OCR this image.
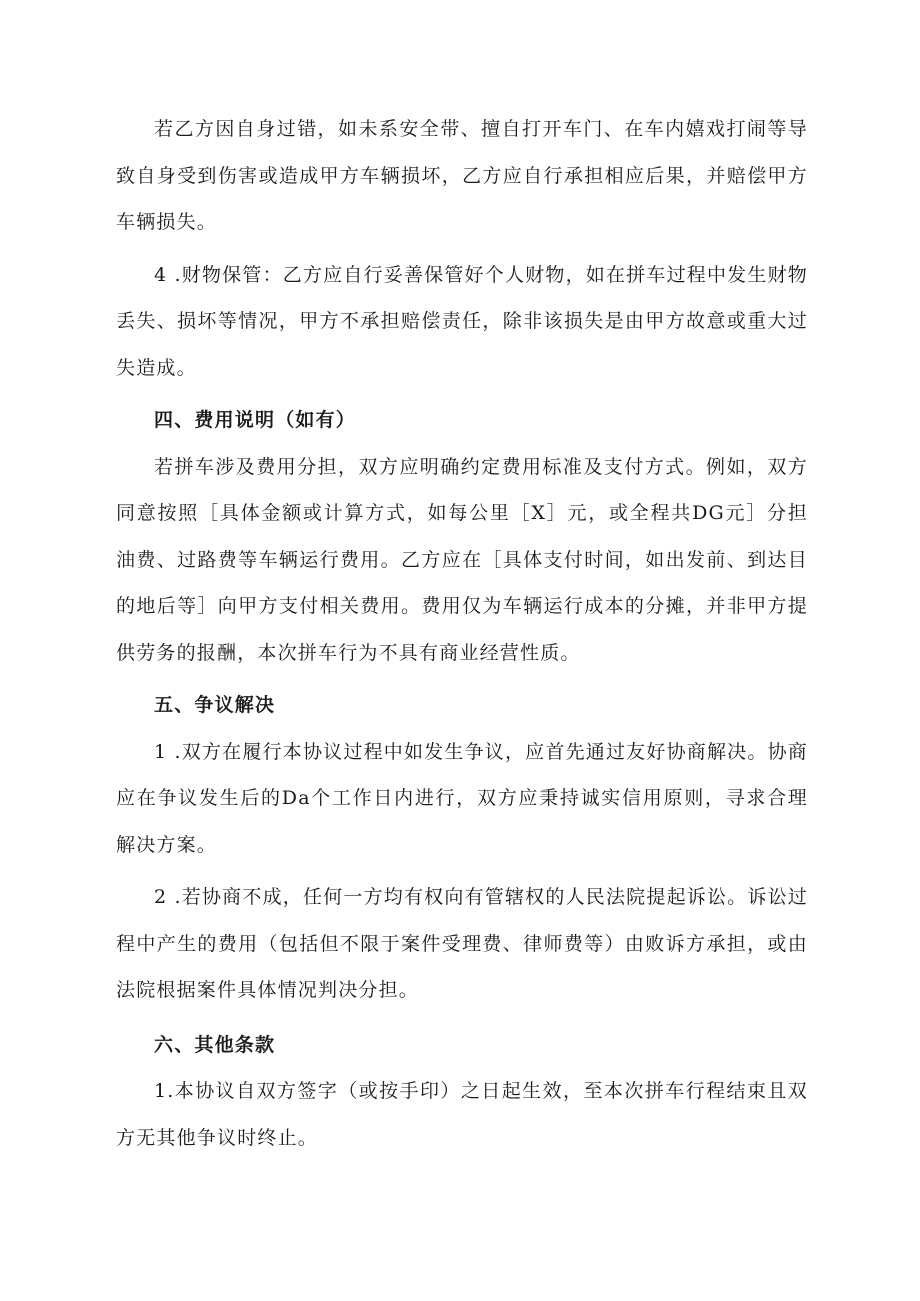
若乙方因自身过错，如未系安全带、擅自打开车门、在车内嬉戏打闹等导致自身受到伤害或造成甲方车辆损坏，乙方应自行承担相应后果，并赔偿甲方车辆损失。

4 .财物保管：乙方应自行妥善保管好个人财物，如在拼车过程中发生财物丢失、损坏等情况，甲方不承担赔偿责任，除非该损失是由甲方故意或重大过失造成。

四、费用说明（如有）

若拼车涉及费用分担，双方应明确约定费用标准及支付方式。例如，双方同意按照［具体金额或计算方式，如每公里［X］元，或全程共DG元］分担油费、过路费等车辆运行费用。乙方应在［具体支付时间，如出发前、到达目的地后等］向甲方支付相关费用。费用仅为车辆运行成本的分摊，并非甲方提供劳务的报酬，本次拼车行为不具有商业经营性质。

五、争议解决

1 .双方在履行本协议过程中如发生争议，应首先通过友好协商解决。协商应在争议发生后的Da个工作日内进行，双方应秉持诚实信用原则，寻求合理解决方案。

2 .若协商不成，任何一方均有权向有管辖权的人民法院提起诉讼。诉讼过程中产生的费用（包括但不限于案件受理费、律师费等）由败诉方承担，或由法院根据案件具体情况判决分担。

六、其他条款

1.本协议自双方签字（或按手印）之日起生效，至本次拼车行程结束且双方无其他争议时终止。
